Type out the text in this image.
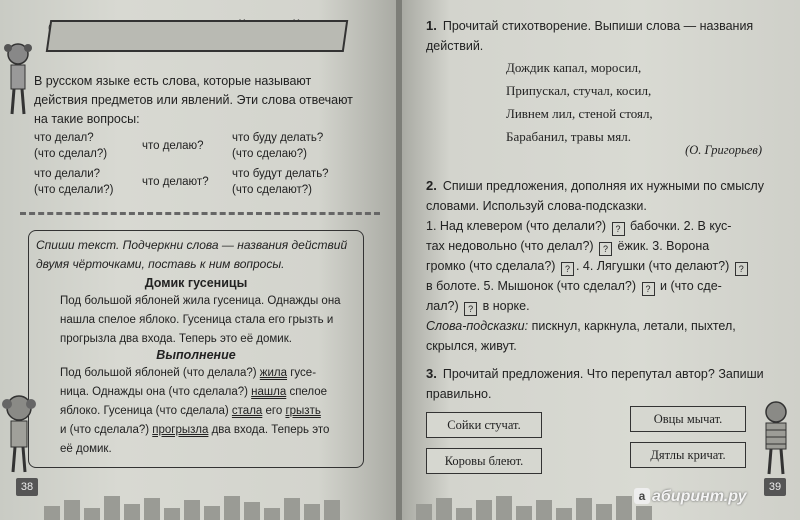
В русском языке есть слова, которые называют действия предметов или явлений. Эти слова отвечают на такие вопросы:
что делал?
(что сделал?)
что делаю?
что буду делать?
(что сделаю?)
что делали?
(что сделали?)
что делают?
что будут делать?
(что сделают?)
Спиши текст. Подчеркни слова — названия действий двумя чёрточками, поставь к ним вопросы.
Домик гусеницы
Под большой яблоней жила гусеница. Однажды она нашла спелое яблоко. Гусеница стала его грызть и прогрызла два входа. Теперь это её домик.
Выполнение
Под большой яблоней (что делала?) жила гусе-
ница. Однажды она (что сделала?) нашла спелое
яблоко. Гусеница (что сделала) стала его грызть
и (что сделала?) прогрызла два входа. Теперь это
её домик.
38
1. Прочитай стихотворение. Выпиши слова — названия действий.
Дождик капал, моросил,
Припускал, стучал, косил,
Ливнем лил, стеной стоял,
Барабанил, травы мял.
(О. Григорьев)
2. Спиши предложения, дополняя их нужными по смыслу словами. Используй слова-подсказки.
1. Над клевером (что делали?) ? бабочки. 2. В кус-
тах недовольно (что делал?) ? ёжик. 3. Ворона
громко (что сделала?) ? . 4. Лягушки (что делают?) ?
в болоте. 5. Мышонок (что сделал?) ? и (что сде-
лал?) ? в норке.
Слова-подсказки: пискнул, каркнула, летали, пыхтел, скрылся, живут.
3. Прочитай предложения. Что перепутал автор? Запиши правильно.
Сойки стучат.	Овцы мычат.
Коровы блеют.	Дятлы кричат.
39
а абиринт.ру
